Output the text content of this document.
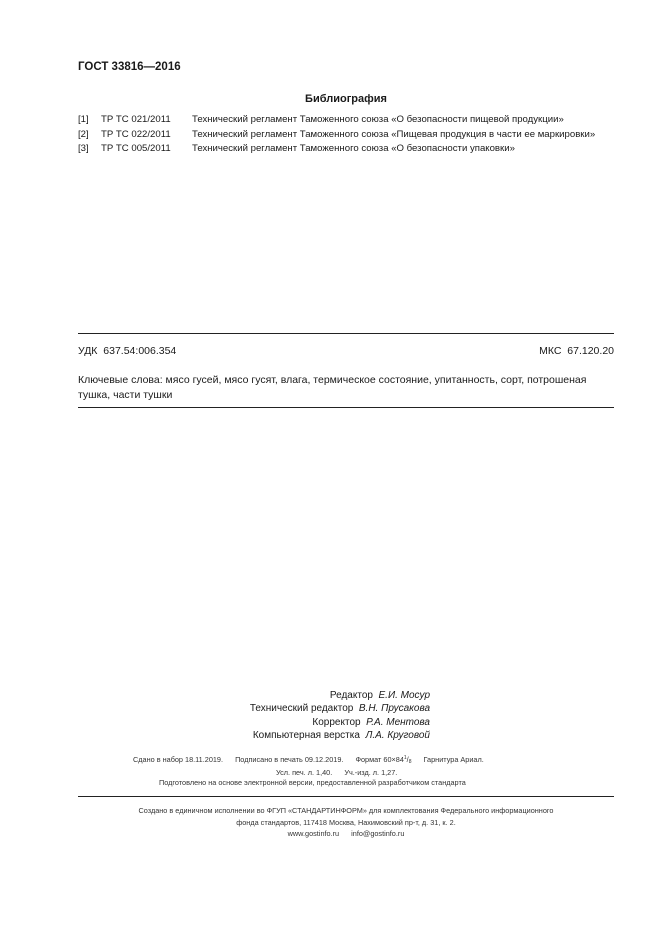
ГОСТ 33816—2016
Библиография
[1]	ТР ТС 021/2011	Технический регламент Таможенного союза «О безопасности пищевой продукции»
[2]	ТР ТС 022/2011	Технический регламент Таможенного союза «Пищевая продукция в части ее маркировки»
[3]	ТР ТС 005/2011	Технический регламент Таможенного союза «О безопасности упаковки»
УДК 637.54:006.354	МКС 67.120.20
Ключевые слова: мясо гусей, мясо гусят, влага, термическое состояние, упитанность, сорт, потрошеная
тушка, части тушки
Редактор Е.И. Мосур
Технический редактор В.Н. Прусакова
Корректор Р.А. Ментова
Компьютерная верстка Л.А. Круговой
Сдано в набор 18.11.2019. Подписано в печать 09.12.2019. Формат $60\times 84^1/_8$ Гарнитура Ариал.
Усл. печ. л. 1,40. Уч.-изд. л. 1,27.
Подготовлено на основе электронной версии, предоставленной разработчиком стандарта
Создано в единичном исполнении во ФГУП «СТАНДАРТИНФОРМ» для комплектования Федерального информационного
фонда стандартов, 117418 Москва, Нахимовский пр-т, д. 31, к. 2.
www.gostinfo.ru info@gostinfo.ru
